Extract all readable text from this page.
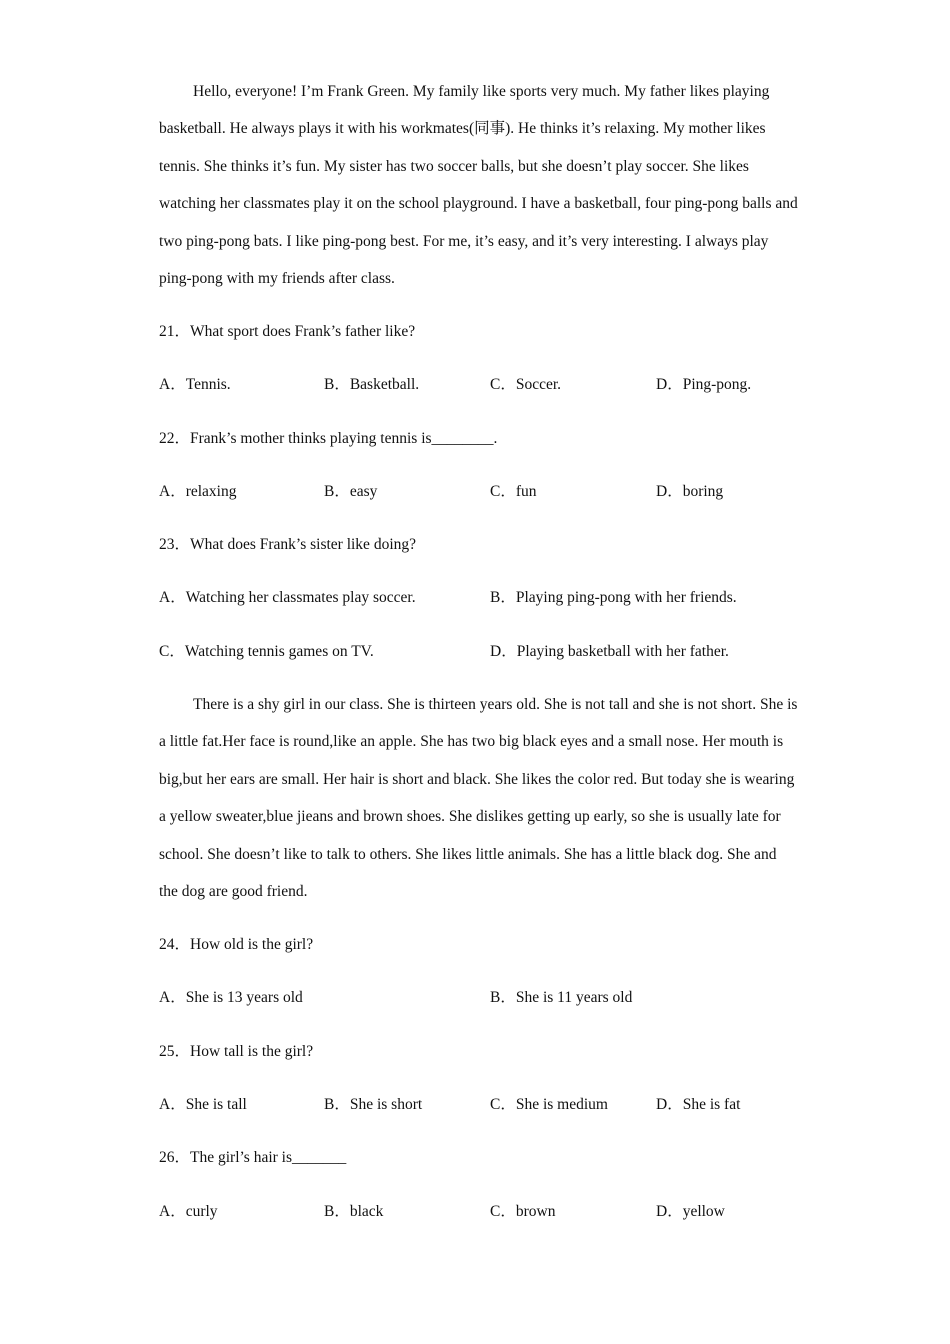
Hello, everyone! I’m Frank Green. My family like sports very much. My father likes playing basketball. He always plays it with his workmates(同事). He thinks it’s relaxing. My mother likes tennis. She thinks it’s fun. My sister has two soccer balls, but she doesn’t play soccer. She likes watching her classmates play it on the school playground. I have a basketball, four ping-pong balls and two ping-pong bats. I like ping-pong best. For me, it’s easy, and it’s very interesting. I always play ping-pong with my friends after class.

21．What sport does Frank’s father like?
A．Tennis.	B．Basketball.	C．Soccer.	D．Ping-pong.
22．Frank’s mother thinks playing tennis is________.
A．relaxing	B．easy	C．fun	D．boring
23．What does Frank’s sister like doing?
A．Watching her classmates play soccer.	B．Playing ping-pong with her friends.
C．Watching tennis games on TV.	D．Playing basketball with her father.

There is a shy girl in our class. She is thirteen years old. She is not tall and she is not short. She is a little fat.Her face is round,like an apple. She has two big black eyes and a small nose. Her mouth is big,but her ears are small. Her hair is short and black. She likes the color red. But today she is wearing a yellow sweater,blue jieans and brown shoes. She dislikes getting up early, so she is usually late for school. She doesn’t like to talk to others. She likes little animals. She has a little black dog. She and the dog are good friend.

24．How old is the girl?
A．She is 13 years old	B．She is 11 years old
25．How tall is the girl?
A．She is tall	B．She is short	C．She is medium	D．She is fat
26．The girl’s hair is_______
A．curly	B．black	C．brown	D．yellow
